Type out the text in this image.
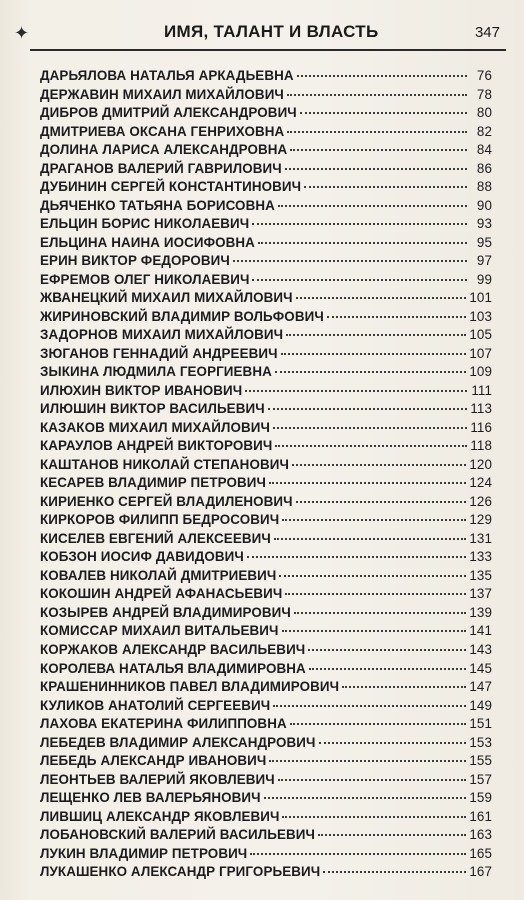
✦	ИМЯ, ТАЛАНТ И ВЛАСТЬ	347
ДАРЬЯЛОВА НАТАЛЬЯ АРКАДЬЕВНА	76
ДЕРЖАВИН МИХАИЛ МИХАЙЛОВИЧ	78
ДИБРОВ ДМИТРИЙ АЛЕКСАНДРОВИЧ	80
ДМИТРИЕВА ОКСАНА ГЕНРИХОВНА	82
ДОЛИНА ЛАРИСА АЛЕКСАНДРОВНА	84
ДРАГАНОВ ВАЛЕРИЙ ГАВРИЛОВИЧ	86
ДУБИНИН СЕРГЕЙ КОНСТАНТИНОВИЧ	88
ДЬЯЧЕНКО ТАТЬЯНА БОРИСОВНА	90
ЕЛЬЦИН БОРИС НИКОЛАЕВИЧ	93
ЕЛЬЦИНА НАИНА ИОСИФОВНА	95
ЕРИН ВИКТОР ФЕДОРОВИЧ	97
ЕФРЕМОВ ОЛЕГ НИКОЛАЕВИЧ	99
ЖВАНЕЦКИЙ МИХАИЛ МИХАЙЛОВИЧ	101
ЖИРИНОВСКИЙ ВЛАДИМИР ВОЛЬФОВИЧ	103
ЗАДОРНОВ МИХАИЛ МИХАЙЛОВИЧ	105
ЗЮГАНОВ ГЕННАДИЙ АНДРЕЕВИЧ	107
ЗЫКИНА ЛЮДМИЛА ГЕОРГИЕВНА	109
ИЛЮХИН ВИКТОР ИВАНОВИЧ	111
ИЛЮШИН ВИКТОР ВАСИЛЬЕВИЧ	113
КАЗАКОВ МИХАИЛ МИХАЙЛОВИЧ	116
КАРАУЛОВ АНДРЕЙ ВИКТОРОВИЧ	118
КАШТАНОВ НИКОЛАЙ СТЕПАНОВИЧ	120
КЕСАРЕВ ВЛАДИМИР ПЕТРОВИЧ	124
КИРИЕНКО СЕРГЕЙ ВЛАДИЛЕНОВИЧ	126
КИРКОРОВ ФИЛИПП БЕДРОСОВИЧ	129
КИСЕЛЕВ ЕВГЕНИЙ АЛЕКСЕЕВИЧ	131
КОБЗОН ИОСИФ ДАВИДОВИЧ	133
КОВАЛЕВ НИКОЛАЙ ДМИТРИЕВИЧ	135
КОКОШИН АНДРЕЙ АФАНАСЬЕВИЧ	137
КОЗЫРЕВ АНДРЕЙ ВЛАДИМИРОВИЧ	139
КОМИССАР МИХАИЛ ВИТАЛЬЕВИЧ	141
КОРЖАКОВ АЛЕКСАНДР ВАСИЛЬЕВИЧ	143
КОРОЛЕВА НАТАЛЬЯ ВЛАДИМИРОВНА	145
КРАШЕНИННИКОВ ПАВЕЛ ВЛАДИМИРОВИЧ	147
КУЛИКОВ АНАТОЛИЙ СЕРГЕЕВИЧ	149
ЛАХОВА ЕКАТЕРИНА ФИЛИППОВНА	151
ЛЕБЕДЕВ ВЛАДИМИР АЛЕКСАНДРОВИЧ	153
ЛЕБЕДЬ АЛЕКСАНДР ИВАНОВИЧ	155
ЛЕОНТЬЕВ ВАЛЕРИЙ ЯКОВЛЕВИЧ	157
ЛЕЩЕНКО ЛЕВ ВАЛЕРЬЯНОВИЧ	159
ЛИВШИЦ АЛЕКСАНДР ЯКОВЛЕВИЧ	161
ЛОБАНОВСКИЙ ВАЛЕРИЙ ВАСИЛЬЕВИЧ	163
ЛУКИН ВЛАДИМИР ПЕТРОВИЧ	165
ЛУКАШЕНКО АЛЕКСАНДР ГРИГОРЬЕВИЧ	167
